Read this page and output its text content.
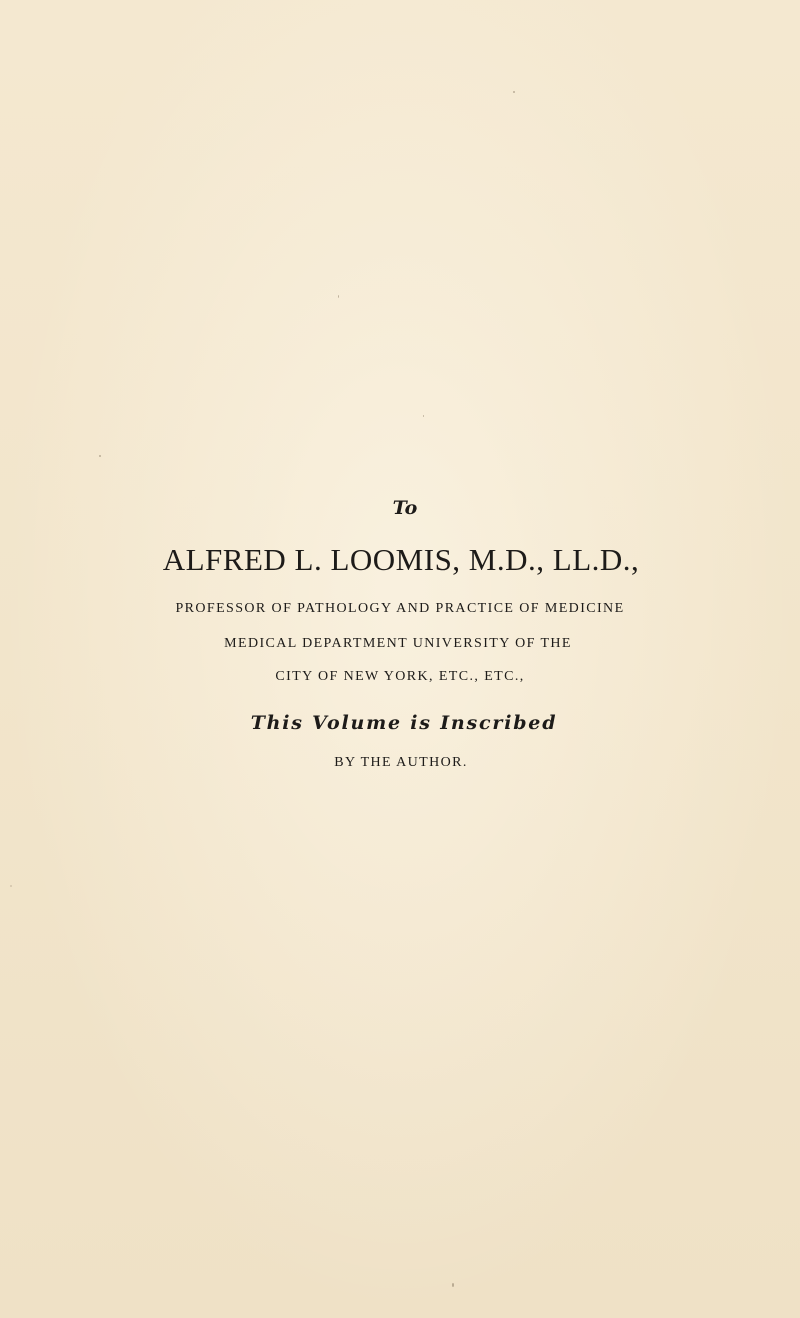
To
ALFRED L. LOOMIS, M.D., LL.D.,
PROFESSOR OF PATHOLOGY AND PRACTICE OF MEDICINE
MEDICAL DEPARTMENT UNIVERSITY OF THE
CITY OF NEW YORK, ETC., ETC.,
This Volume is Inscribed
BY THE AUTHOR.
